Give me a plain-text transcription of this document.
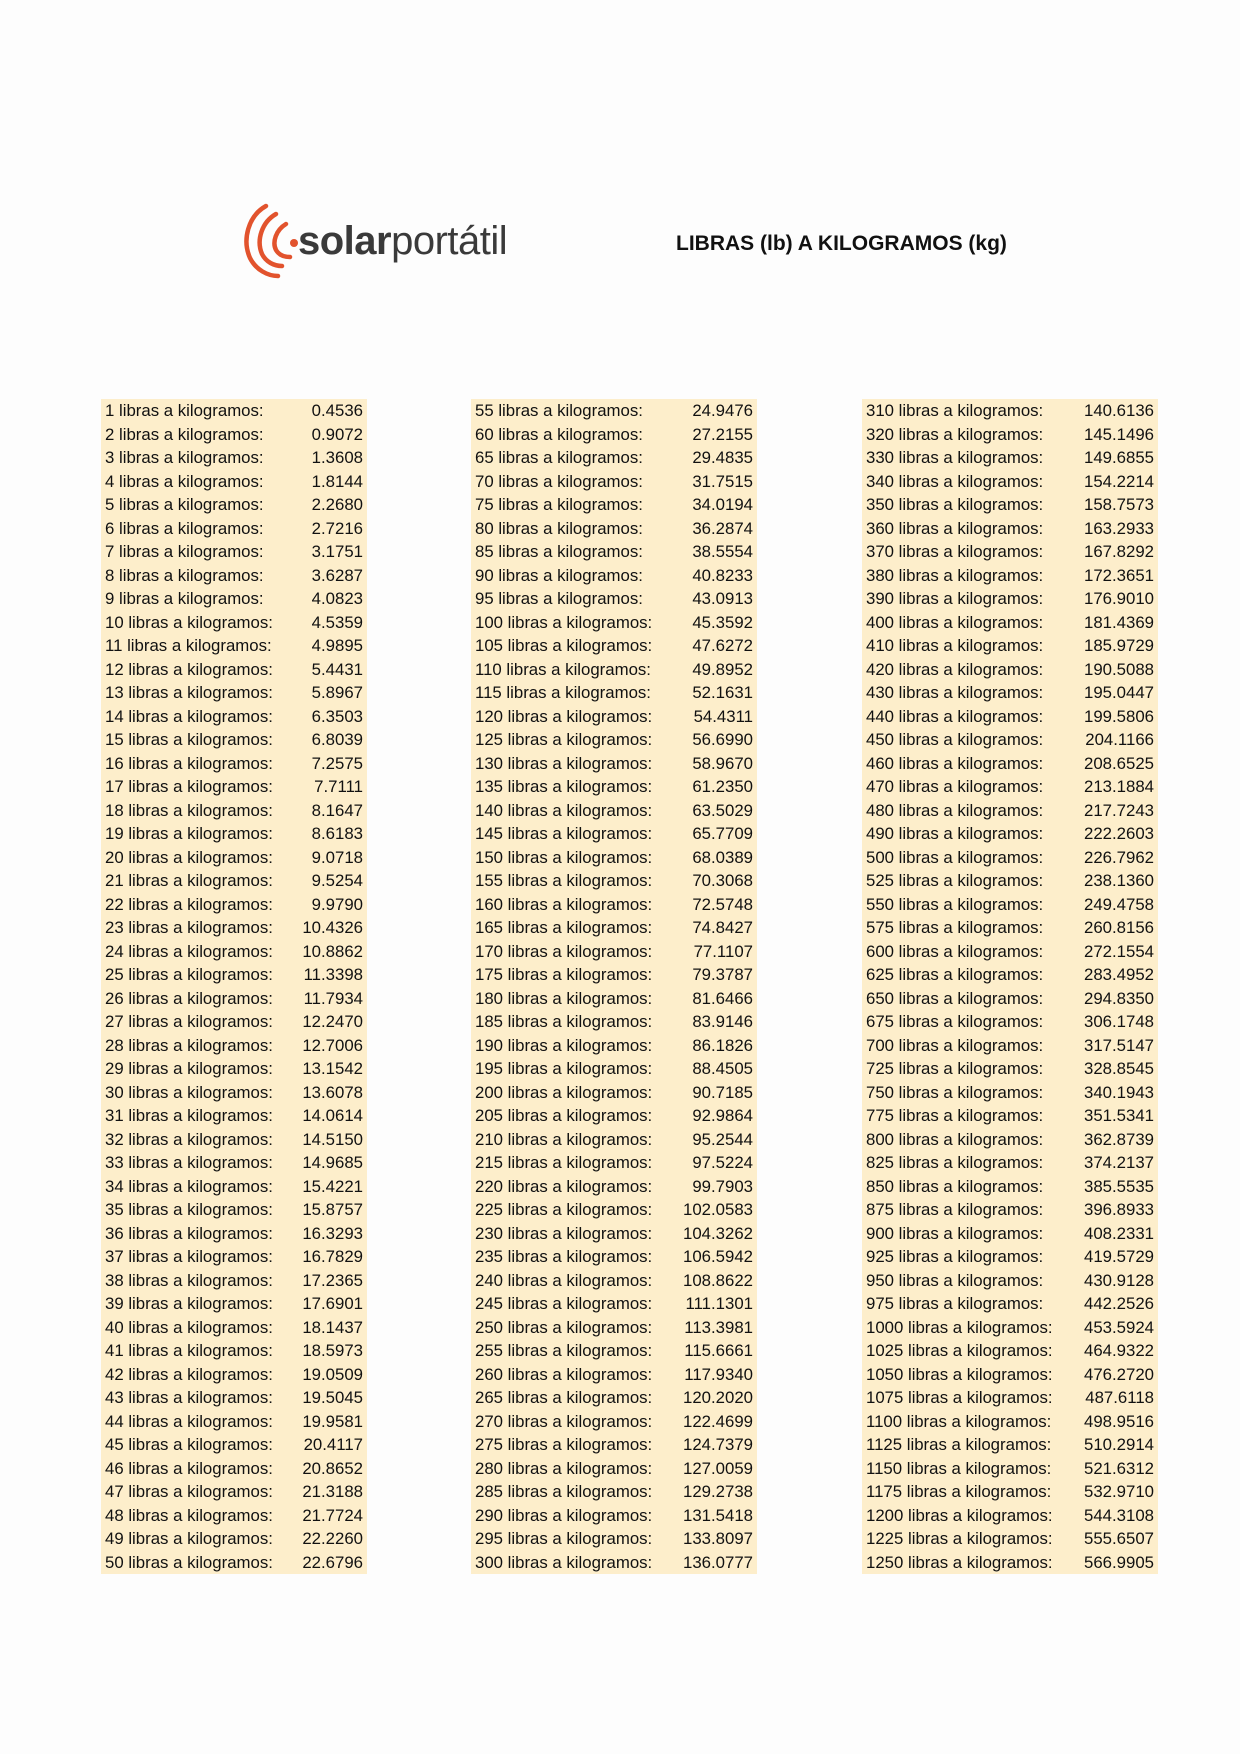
solarportátil	LIBRAS (lb) A KILOGRAMOS (kg)
1 libras a kilogramos:	0.4536
2 libras a kilogramos:	0.9072
3 libras a kilogramos:	1.3608
4 libras a kilogramos:	1.8144
5 libras a kilogramos:	2.2680
6 libras a kilogramos:	2.7216
7 libras a kilogramos:	3.1751
8 libras a kilogramos:	3.6287
9 libras a kilogramos:	4.0823
10 libras a kilogramos: 4.5359
11 libras a kilogramos: 4.9895
12 libras a kilogramos: 5.4431
13 libras a kilogramos: 5.8967
14 libras a kilogramos: 6.3503
15 libras a kilogramos: 6.8039
16 libras a kilogramos: 7.2575
17 libras a kilogramos: 7.7111
18 libras a kilogramos: 8.1647
19 libras a kilogramos: 8.6183
20 libras a kilogramos: 9.0718
21 libras a kilogramos: 9.5254
22 libras a kilogramos: 9.9790
23 libras a kilogramos: 10.4326
24 libras a kilogramos: 10.8862
25 libras a kilogramos: 11.3398
26 libras a kilogramos: 11.7934
27 libras a kilogramos: 12.2470
28 libras a kilogramos: 12.7006
29 libras a kilogramos: 13.1542
30 libras a kilogramos: 13.6078
31 libras a kilogramos: 14.0614
32 libras a kilogramos: 14.5150
33 libras a kilogramos: 14.9685
34 libras a kilogramos: 15.4221
35 libras a kilogramos: 15.8757
36 libras a kilogramos: 16.3293
37 libras a kilogramos: 16.7829
38 libras a kilogramos: 17.2365
39 libras a kilogramos: 17.6901
40 libras a kilogramos: 18.1437
41 libras a kilogramos: 18.5973
42 libras a kilogramos: 19.0509
43 libras a kilogramos: 19.5045
44 libras a kilogramos: 19.9581
45 libras a kilogramos: 20.4117
46 libras a kilogramos: 20.8652
47 libras a kilogramos: 21.3188
48 libras a kilogramos: 21.7724
49 libras a kilogramos: 22.2260
50 libras a kilogramos: 22.6796
55 libras a kilogramos:	24.9476
60 libras a kilogramos:	27.2155
65 libras a kilogramos:	29.4835
70 libras a kilogramos:	31.7515
75 libras a kilogramos:	34.0194
80 libras a kilogramos:	36.2874
85 libras a kilogramos:	38.5554
90 libras a kilogramos:	40.8233
95 libras a kilogramos:	43.0913
100 libras a kilogramos: 45.3592
105 libras a kilogramos: 47.6272
110 libras a kilogramos: 49.8952
115 libras a kilogramos: 52.1631
120 libras a kilogramos: 54.4311
125 libras a kilogramos: 56.6990
130 libras a kilogramos: 58.9670
135 libras a kilogramos: 61.2350
140 libras a kilogramos: 63.5029
145 libras a kilogramos: 65.7709
150 libras a kilogramos: 68.0389
155 libras a kilogramos: 70.3068
160 libras a kilogramos: 72.5748
165 libras a kilogramos: 74.8427
170 libras a kilogramos: 77.1107
175 libras a kilogramos: 79.3787
180 libras a kilogramos: 81.6466
185 libras a kilogramos: 83.9146
190 libras a kilogramos: 86.1826
195 libras a kilogramos: 88.4505
200 libras a kilogramos: 90.7185
205 libras a kilogramos: 92.9864
210 libras a kilogramos: 95.2544
215 libras a kilogramos: 97.5224
220 libras a kilogramos: 99.7903
225 libras a kilogramos: 102.0583
230 libras a kilogramos: 104.3262
235 libras a kilogramos: 106.5942
240 libras a kilogramos: 108.8622
245 libras a kilogramos: 111.1301
250 libras a kilogramos: 113.3981
255 libras a kilogramos: 115.6661
260 libras a kilogramos: 117.9340
265 libras a kilogramos: 120.2020
270 libras a kilogramos: 122.4699
275 libras a kilogramos: 124.7379
280 libras a kilogramos: 127.0059
285 libras a kilogramos: 129.2738
290 libras a kilogramos: 131.5418
295 libras a kilogramos: 133.8097
300 libras a kilogramos: 136.0777
310 libras a kilogramos: 140.6136
320 libras a kilogramos: 145.1496
330 libras a kilogramos: 149.6855
340 libras a kilogramos: 154.2214
350 libras a kilogramos: 158.7573
360 libras a kilogramos: 163.2933
370 libras a kilogramos: 167.8292
380 libras a kilogramos: 172.3651
390 libras a kilogramos: 176.9010
400 libras a kilogramos: 181.4369
410 libras a kilogramos: 185.9729
420 libras a kilogramos: 190.5088
430 libras a kilogramos: 195.0447
440 libras a kilogramos: 199.5806
450 libras a kilogramos:	204.1166
460 libras a kilogramos: 208.6525
470 libras a kilogramos: 213.1884
480 libras a kilogramos: 217.7243
490 libras a kilogramos: 222.2603
500 libras a kilogramos: 226.7962
525 libras a kilogramos: 238.1360
550 libras a kilogramos: 249.4758
575 libras a kilogramos: 260.8156
600 libras a kilogramos: 272.1554
625 libras a kilogramos: 283.4952
650 libras a kilogramos: 294.8350
675 libras a kilogramos: 306.1748
700 libras a kilogramos: 317.5147
725 libras a kilogramos: 328.8545
750 libras a kilogramos: 340.1943
775 libras a kilogramos: 351.5341
800 libras a kilogramos: 362.8739
825 libras a kilogramos: 374.2137
850 libras a kilogramos: 385.5535
875 libras a kilogramos: 396.8933
900 libras a kilogramos: 408.2331
925 libras a kilogramos: 419.5729
950 libras a kilogramos: 430.9128
975 libras a kilogramos: 442.2526
1000 libras a kilogramos: 453.5924
1025 libras a kilogramos: 464.9322
1050 libras a kilogramos: 476.2720
1075 libras a kilogramos: 487.6118
1100 libras a kilogramos: 498.9516
1125 libras a kilogramos: 510.2914
1150 libras a kilogramos: 521.6312
1175 libras a kilogramos: 532.9710
1200 libras a kilogramos: 544.3108
1225 libras a kilogramos: 555.6507
1250 libras a kilogramos: 566.9905
